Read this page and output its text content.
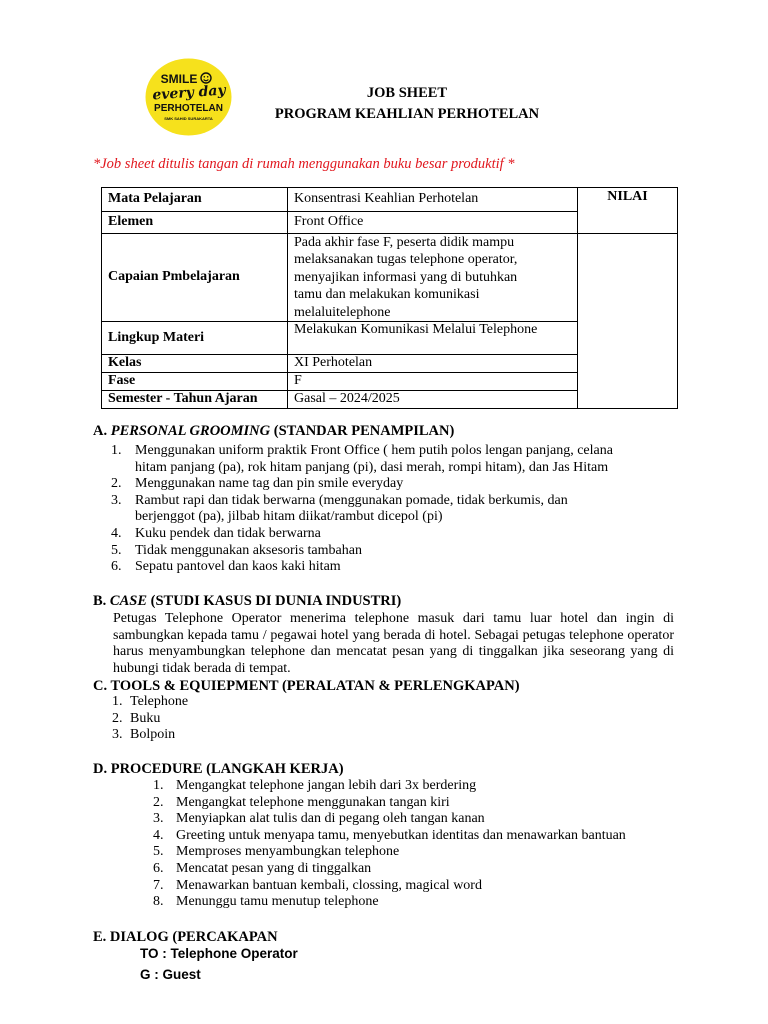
SMILE
every day
PERHOTELAN
SMK SAHID SURAKARTA
JOB SHEET
PROGRAM KEAHLIAN PERHOTELAN
*Job sheet ditulis tangan di rumah menggunakan buku besar produktif *
Mata Pelajaran	Konsentrasi Keahlian Perhotelan	NILAI
Elemen	Front Office	
Capaian Pmbelajaran	Pada akhir fase F, peserta didik mampu
melaksanakan tugas telephone operator,
menyajikan informasi yang di butuhkan
tamu dan melakukan komunikasi
melaluitelephone	

Lingkup Materi	Melakukan Komunikasi Melalui Telephone	
Kelas	XI Perhotelan	
Fase	F	
Semester - Tahun Ajaran	Gasal – 2024/2025	
A. PERSONAL GROOMING (STANDAR PENAMPILAN)
1. Menggunakan uniform praktik Front Office ( hem putih polos lengan panjang, celana
hitam panjang (pa), rok hitam panjang (pi), dasi merah, rompi hitam), dan Jas Hitam
2. Menggunakan name tag dan pin smile everyday
3. Rambut rapi dan tidak berwarna (menggunakan pomade, tidak berkumis, dan
berjenggot (pa), jilbab hitam diikat/rambut dicepol (pi)
4. Kuku pendek dan tidak berwarna
5. Tidak menggunakan aksesoris tambahan
6. Sepatu pantovel dan kaos kaki hitam
B. CASE (STUDI KASUS DI DUNIA INDUSTRI)
Petugas Telephone Operator menerima telephone masuk dari tamu luar hotel dan ingin di sambungkan kepada tamu / pegawai hotel yang berada di hotel. Sebagai petugas telephone operator harus menyambungkan telephone dan mencatat pesan yang di tinggalkan jika seseorang yang di hubungi tidak berada di tempat.
C. TOOLS & EQUIEPMENT (PERALATAN & PERLENGKAPAN)
1. Telephone
2. Buku
3. Bolpoin
D. PROCEDURE (LANGKAH KERJA)
1. Mengangkat telephone jangan lebih dari 3x berdering
2. Mengangkat telephone menggunakan tangan kiri
3. Menyiapkan alat tulis dan di pegang oleh tangan kanan
4. Greeting untuk menyapa tamu, menyebutkan identitas dan menawarkan bantuan
5. Memproses menyambungkan telephone
6. Mencatat pesan yang di tinggalkan
7. Menawarkan bantuan kembali, clossing, magical word
8. Menunggu tamu menutup telephone
E. DIALOG (PERCAKAPAN
TO : Telephone Operator
G : Guest
